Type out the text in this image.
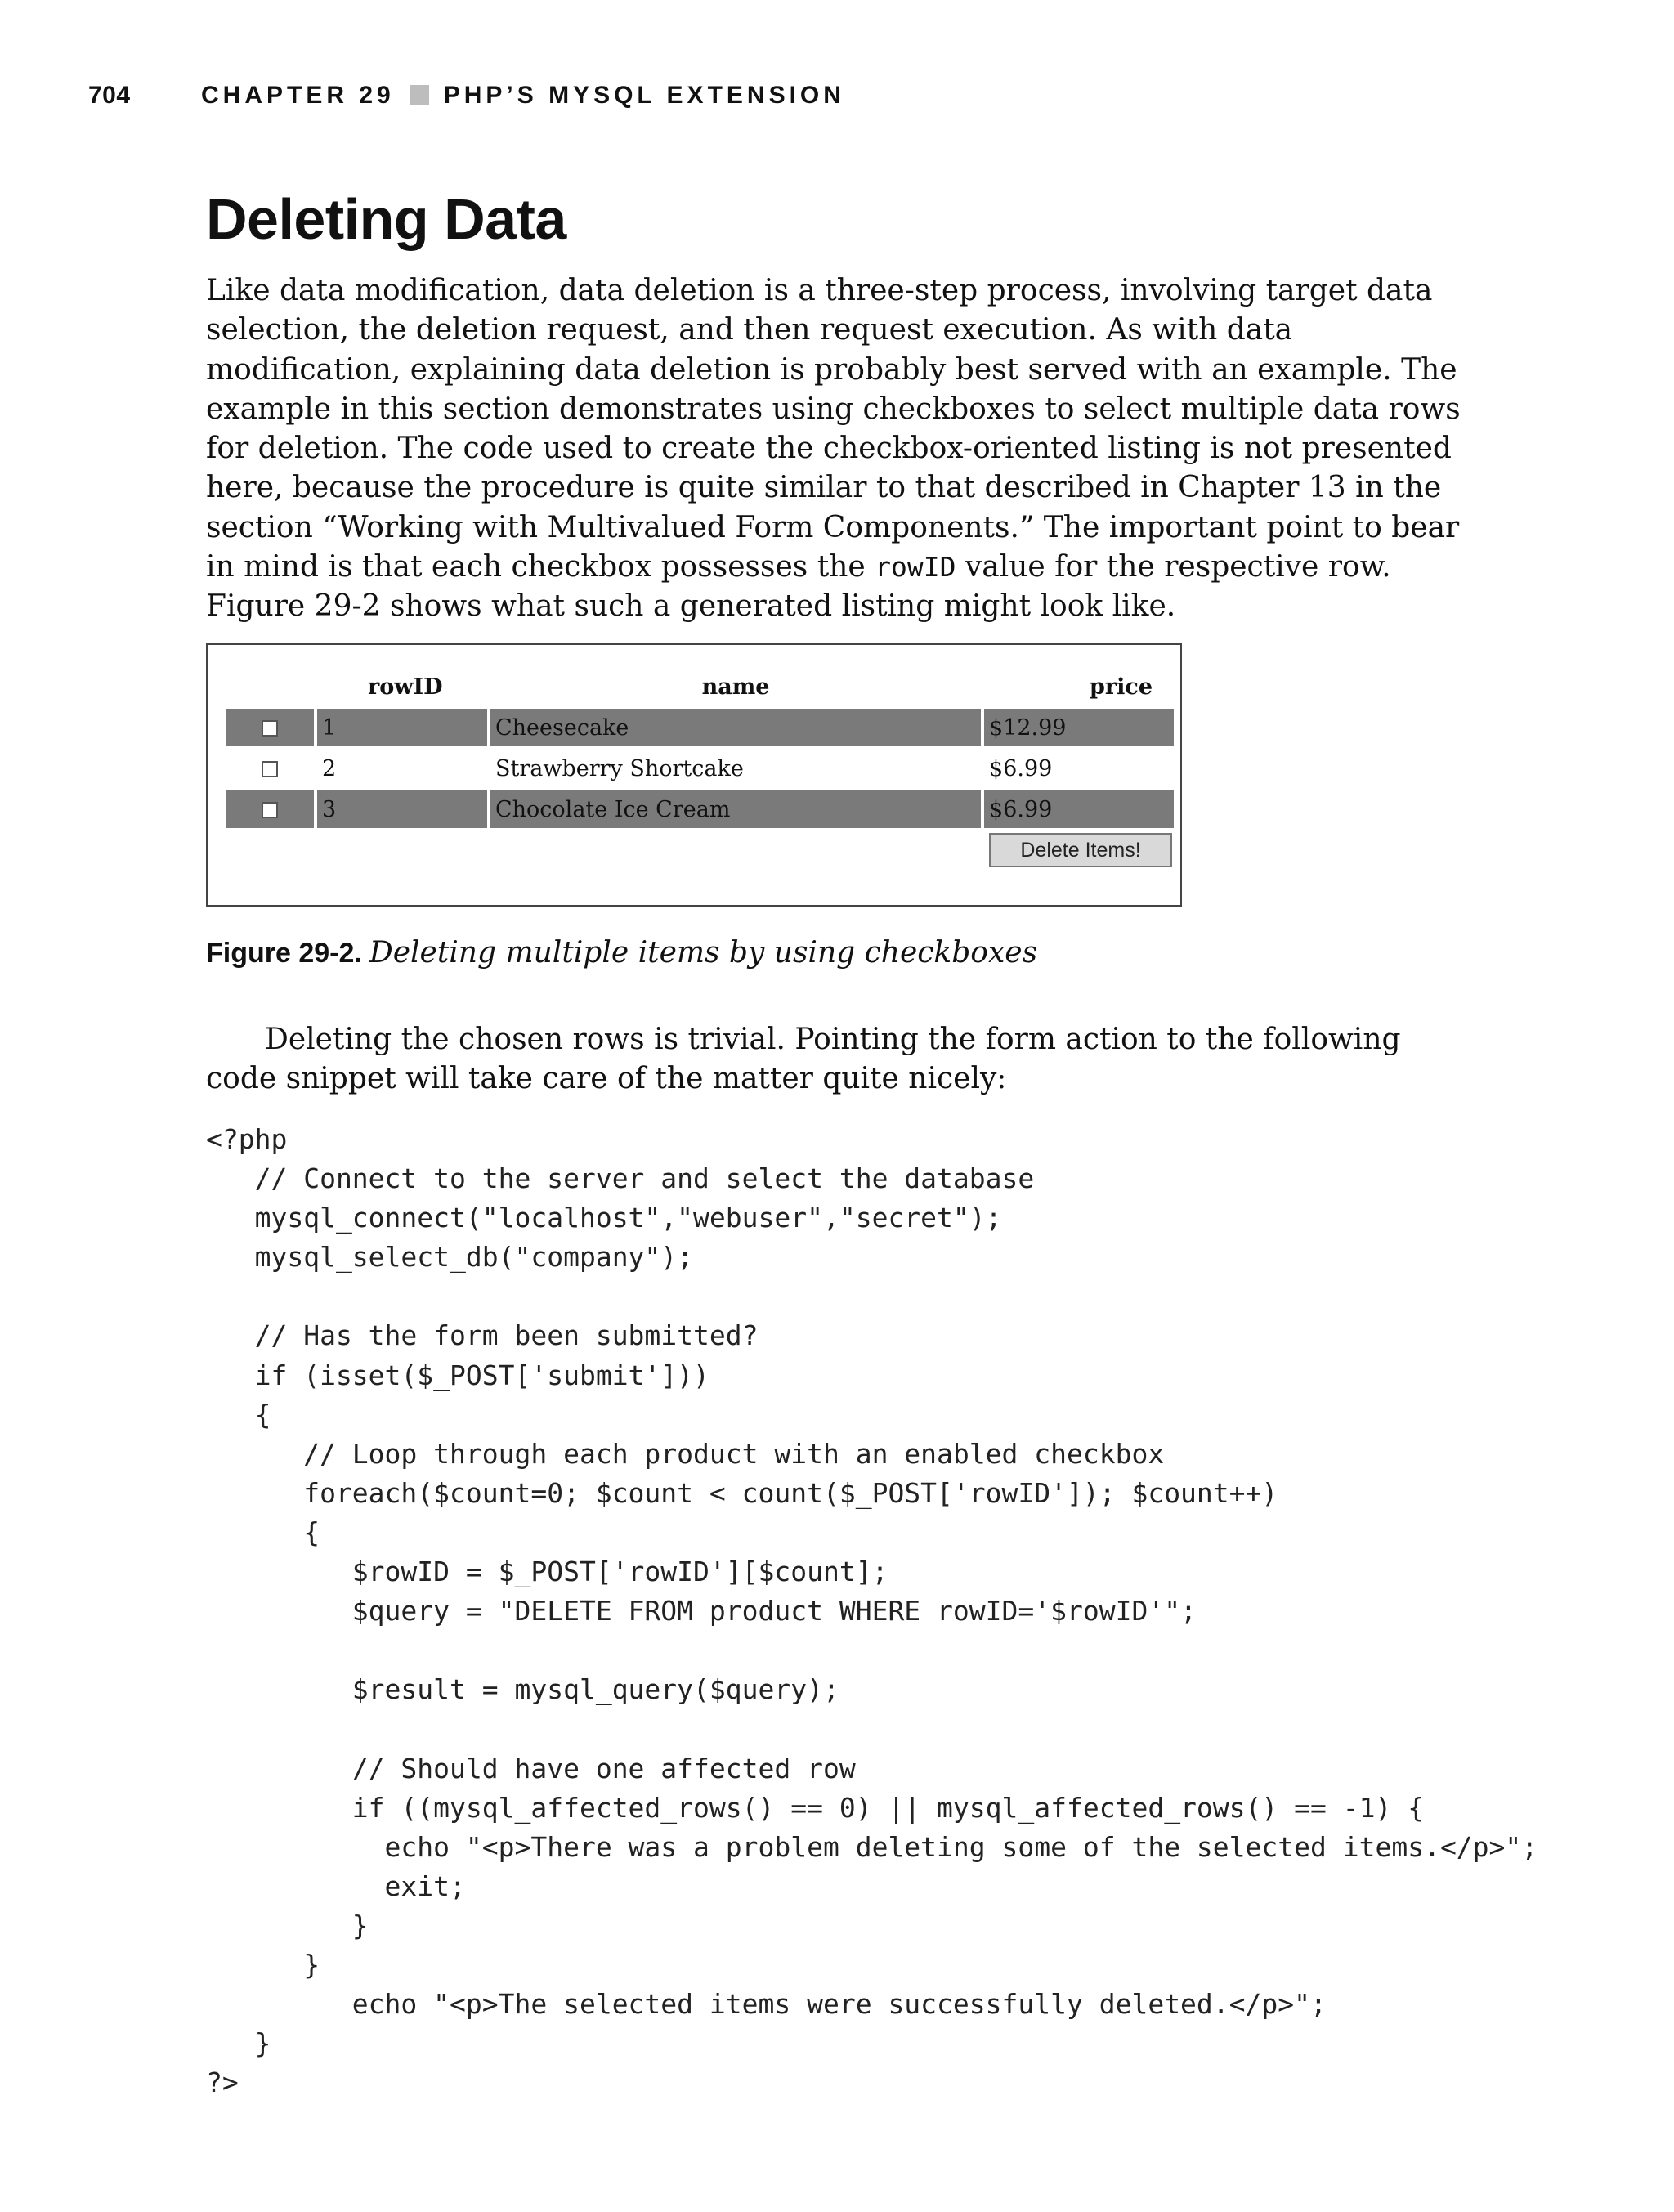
704	CHAPTER 29 PHP’S MYSQL EXTENSION
Deleting Data
Like data modification, data deletion is a three-step process, involving target data selection, the deletion request, and then request execution. As with data modification, explaining data deletion is probably best served with an example. The example in this section demonstrates using checkboxes to select multiple data rows for deletion. The code used to create the checkbox-oriented listing is not presented here, because the procedure is quite similar to that described in Chapter 13 in the section “Working with Multivalued Form Components.” The important point to bear in mind is that each checkbox possesses the rowID value for the respective row. Figure 29-2 shows what such a generated listing might look like.
	rowID	name	price
	1	Cheesecake	$12.99
	2	Strawberry Shortcake	$6.99
	3	Chocolate Ice Cream	$6.99
			Delete Items!
Figure 29-2. Deleting multiple items by using checkboxes
Deleting the chosen rows is trivial. Pointing the form action to the following code snippet will take care of the matter quite nicely:
<?php
// Connect to the server and select the database
mysql_connect("localhost","webuser","secret");
mysql_select_db("company");

// Has the form been submitted?
if (isset($_POST['submit']))
{
// Loop through each product with an enabled checkbox
foreach($count=0; $count < count($_POST['rowID']); $count++)
{
$rowID = $_POST['rowID'][$count];
$query = "DELETE FROM product WHERE rowID='$rowID'";

$result = mysql_query($query);

// Should have one affected row
if ((mysql_affected_rows() == 0) || mysql_affected_rows() == -1) {
echo "<p>There was a problem deleting some of the selected items.</p>";
exit;
}
}
echo "<p>The selected items were successfully deleted.</p>";
}
?>
